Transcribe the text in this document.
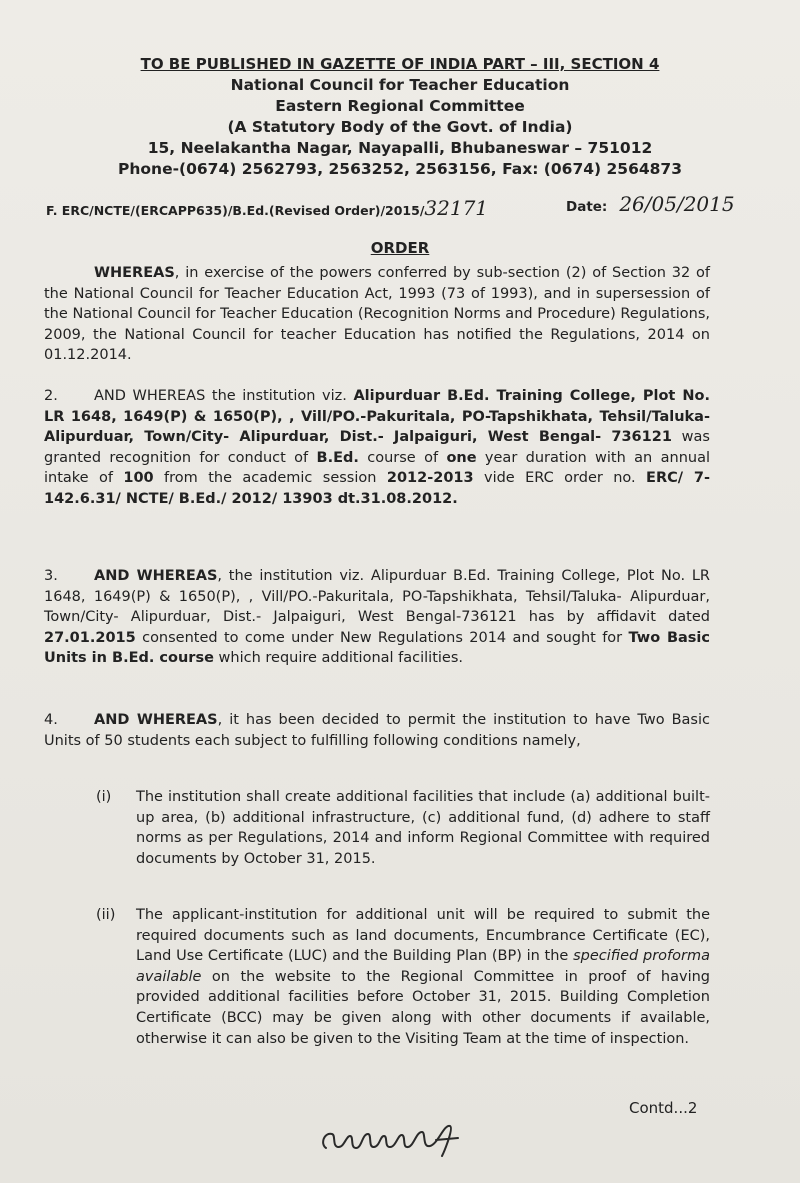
TO BE PUBLISHED IN GAZETTE OF INDIA PART – III, SECTION 4
National Council for Teacher Education
Eastern Regional Committee
(A Statutory Body of the Govt. of India)
15, Neelakantha Nagar, Nayapalli, Bhubaneswar – 751012
Phone-(0674) 2562793, 2563252, 2563156, Fax: (0674) 2564873
F. ERC/NCTE/(ERCAPP635)/B.Ed.(Revised Order)/2015/32171	Date: 26/05/2015
ORDER
WHEREAS, in exercise of the powers conferred by sub-section (2) of Section 32 of the National Council for Teacher Education Act, 1993 (73 of 1993), and in supersession of the National Council for Teacher Education (Recognition Norms and Procedure) Regulations, 2009, the National Council for teacher Education has notified the Regulations, 2014 on 01.12.2014.
2. AND WHEREAS the institution viz. Alipurduar B.Ed. Training College, Plot No. LR 1648, 1649(P) & 1650(P), , Vill/PO.-Pakuritala, PO-Tapshikhata, Tehsil/Taluka- Alipurduar, Town/City- Alipurduar, Dist.- Jalpaiguri, West Bengal- 736121 was granted recognition for conduct of B.Ed. course of one year duration with an annual intake of 100 from the academic session 2012-2013 vide ERC order no. ERC/ 7-142.6.31/ NCTE/ B.Ed./ 2012/ 13903 dt.31.08.2012.
3. AND WHEREAS, the institution viz. Alipurduar B.Ed. Training College, Plot No. LR 1648, 1649(P) & 1650(P), , Vill/PO.-Pakuritala, PO-Tapshikhata, Tehsil/Taluka- Alipurduar, Town/City- Alipurduar, Dist.- Jalpaiguri, West Bengal-736121 has by affidavit dated 27.01.2015 consented to come under New Regulations 2014 and sought for Two Basic Units in B.Ed. course which require additional facilities.
4. AND WHEREAS, it has been decided to permit the institution to have Two Basic Units of 50 students each subject to fulfilling following conditions namely,
(i) The institution shall create additional facilities that include (a) additional built-up area, (b) additional infrastructure, (c) additional fund, (d) adhere to staff norms as per Regulations, 2014 and inform Regional Committee with required documents by October 31, 2015.
(ii) The applicant-institution for additional unit will be required to submit the required documents such as land documents, Encumbrance Certificate (EC), Land Use Certificate (LUC) and the Building Plan (BP) in the specified proforma available on the website to the Regional Committee in proof of having provided additional facilities before October 31, 2015. Building Completion Certificate (BCC) may be given along with other documents if available, otherwise it can also be given to the Visiting Team at the time of inspection.
Contd...2
